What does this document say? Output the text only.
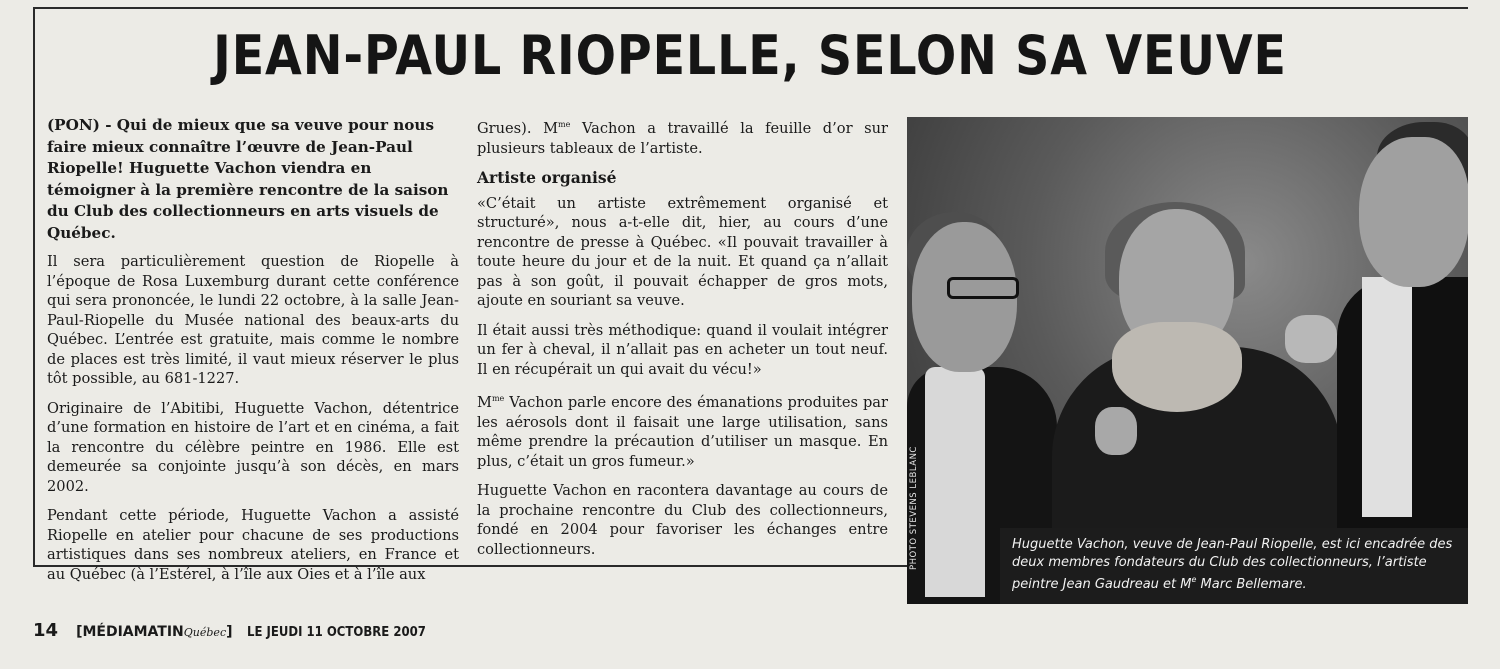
JEAN-PAUL RIOPELLE, SELON SA VEUVE

(PON) - Qui de mieux que sa veuve pour nous faire mieux connaître l’œuvre de Jean-Paul Riopelle! Huguette Vachon viendra en témoigner à la première rencontre de la saison du Club des collectionneurs en arts visuels de Québec.

Il sera particulièrement question de Riopelle à l’époque de Rosa Luxemburg durant cette conférence qui sera prononcée, le lundi 22 octobre, à la salle Jean-Paul-Riopelle du Musée national des beaux-arts du Québec. L’entrée est gratuite, mais comme le nombre de places est très limité, il vaut mieux réserver le plus tôt possible, au 681-1227.

Originaire de l’Abitibi, Huguette Vachon, détentrice d’une formation en histoire de l’art et en cinéma, a fait la rencontre du célèbre peintre en 1986. Elle est demeurée sa conjointe jusqu’à son décès, en mars 2002.

Pendant cette période, Huguette Vachon a assisté Riopelle en atelier pour chacune de ses productions artistiques dans ses nombreux ateliers, en France et au Québec (à l’Estérel, à l’île aux Oies et à l’île aux

Grues). $M^{me}$ Vachon a travaillé la feuille d’or sur plusieurs tableaux de l’artiste.

Artiste organisé

«C’était un artiste extrêmement organisé et structuré», nous a-t-elle dit, hier, au cours d’une rencontre de presse à Québec. «Il pouvait travailler à toute heure du jour et de la nuit. Et quand ça n’allait pas à son goût, il pouvait échapper de gros mots, ajoute en souriant sa veuve.

Il était aussi très méthodique: quand il voulait intégrer un fer à cheval, il n’allait pas en acheter un tout neuf. Il en récupérait un qui avait du vécu!»

$M^{me}$ Vachon parle encore des émanations produites par les aérosols dont il faisait une large utilisation, sans même prendre la précaution d’utiliser un masque. En plus, c’était un gros fumeur.»

Huguette Vachon en racontera davantage au cours de la prochaine rencontre du Club des collectionneurs, fondé en 2004 pour favoriser les échanges entre collectionneurs.	PHOTO STEVENS LEBLANC	Huguette Vachon, veuve de Jean-Paul Riopelle, est ici encadrée des deux membres fondateurs du Club des collectionneurs, l’artiste peintre Jean Gaudreau et Me Marc Bellemare.
14 [MÉDIAMATINQuébec] LE JEUDI 11 OCTOBRE 2007
